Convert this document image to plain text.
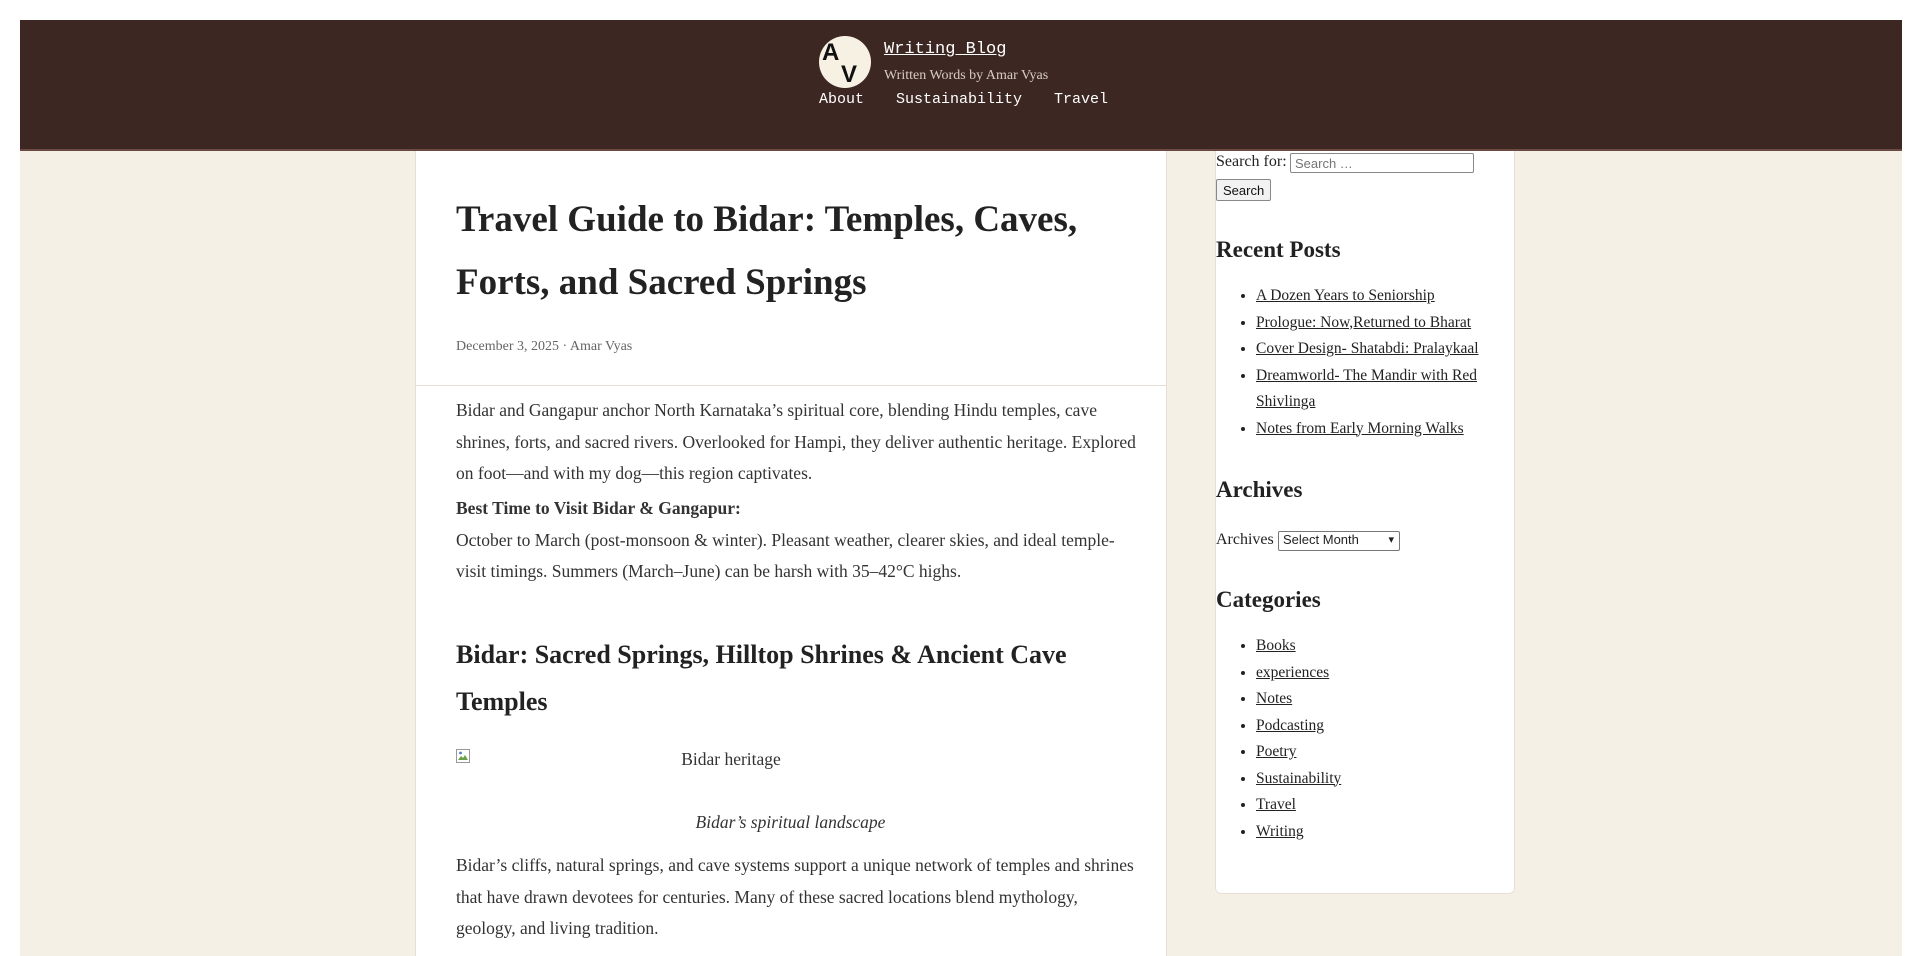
A
V
Writing Blog
Written Words by Amar Vyas
About Sustainability Travel
Travel Guide to Bidar: Temples, Caves, Forts, and Sacred Springs
December 3, 2025 · Amar Vyas

Bidar and Gangapur anchor North Karnataka’s spiritual core, blending Hindu temples, cave shrines, forts, and sacred rivers. Overlooked for Hampi, they deliver authentic heritage. Explored on foot—and with my dog—this region captivates.

Best Time to Visit Bidar & Gangapur:
October to March (post-monsoon & winter). Pleasant weather, clearer skies, and ideal temple-visit timings. Summers (March–June) can be harsh with 35–42°C highs.

Bidar: Sacred Springs, Hilltop Shrines & Ancient Cave Temples
Bidar heritage
Bidar’s spiritual landscape

Bidar’s cliffs, natural springs, and cave systems support a unique network of temples and shrines that have drawn devotees for centuries. Many of these sacred locations blend mythology, geology, and living tradition.

Search for:
Search …
Search
Recent Posts
• A Dozen Years to Seniorship
• Prologue: Now,Returned to Bharat
• Cover Design- Shatabdi: Pralaykaal
• Dreamworld- The Mandir with Red Shivlinga
• Notes from Early Morning Walks
Archives
Archives Select Month	▾
Categories
• Books
• experiences
• Notes
• Podcasting
• Poetry
• Sustainability
• Travel
• Writing
